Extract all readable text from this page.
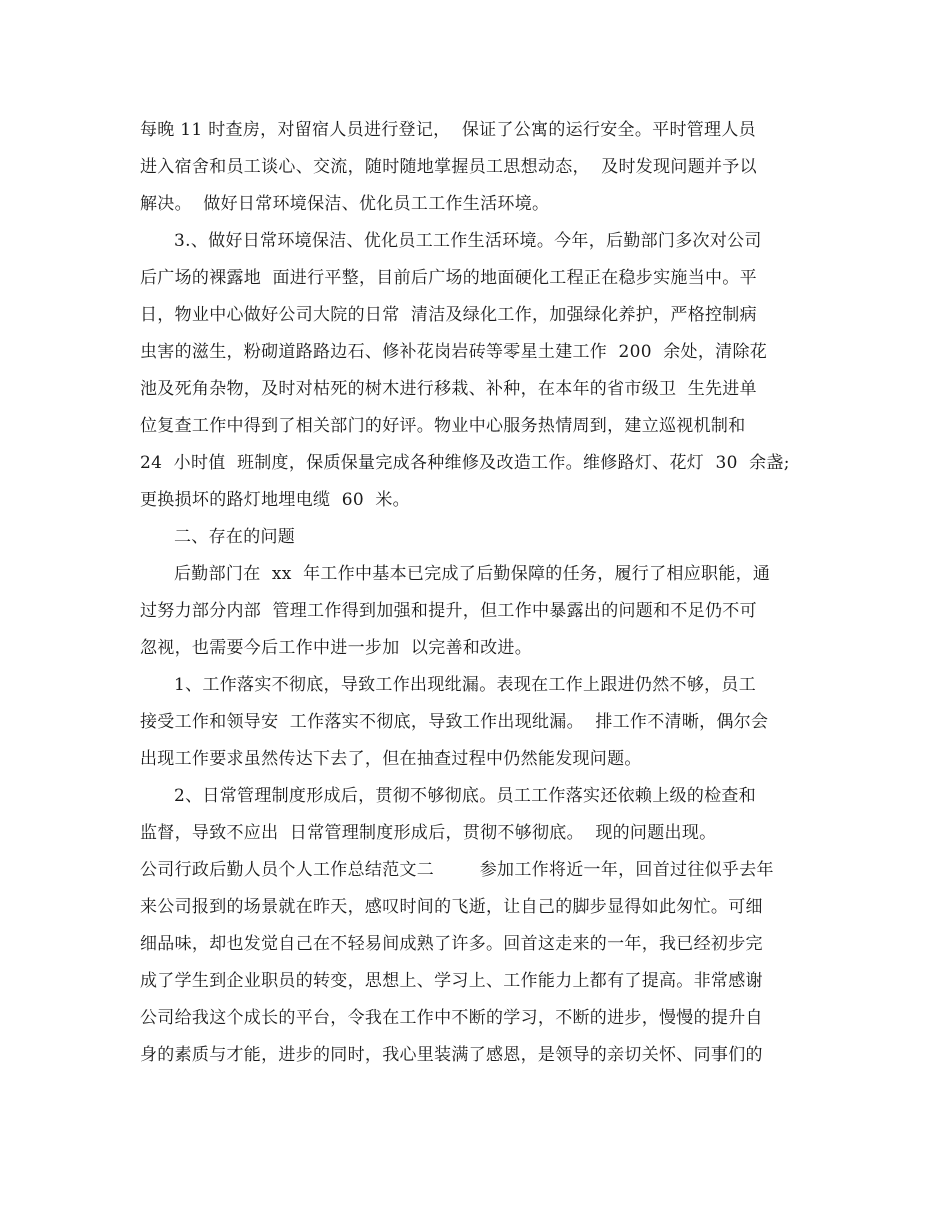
每晚 11 时查房，对留宿人员进行登记，  保证了公寓的运行安全。平时管理人员

进入宿舍和员工谈心、交流，随时随地掌握员工思想动态，  及时发现问题并予以

解决。  做好日常环境保洁、优化员工工作生活环境。

3.、做好日常环境保洁、优化员工工作生活环境。今年，后勤部门多次对公司

后广场的裸露地  面进行平整，目前后广场的地面硬化工程正在稳步实施当中。平

日，物业中心做好公司大院的日常  清洁及绿化工作，加强绿化养护，严格控制病

虫害的滋生，粉砌道路路边石、修补花岗岩砖等零星土建工作  200  余处，清除花

池及死角杂物，及时对枯死的树木进行移栽、补种，在本年的省市级卫  生先进单

位复查工作中得到了相关部门的好评。物业中心服务热情周到，建立巡视机制和

24  小时值  班制度，保质保量完成各种维修及改造工作。维修路灯、花灯  30  余盏;

更换损坏的路灯地埋电缆  60  米。

二、存在的问题

后勤部门在  xx  年工作中基本已完成了后勤保障的任务，履行了相应职能，通

过努力部分内部  管理工作得到加强和提升，但工作中暴露出的问题和不足仍不可

忽视，也需要今后工作中进一步加  以完善和改进。

1、工作落实不彻底，导致工作出现纰漏。表现在工作上跟进仍然不够，员工

接受工作和领导安  工作落实不彻底，导致工作出现纰漏。  排工作不清晰，偶尔会

出现工作要求虽然传达下去了，但在抽查过程中仍然能发现问题。

2、日常管理制度形成后，贯彻不够彻底。员工工作落实还依赖上级的检查和

监督，导致不应出  日常管理制度形成后，贯彻不够彻底。  现的问题出现。

公司行政后勤人员个人工作总结范文二        参加工作将近一年，回首过往似乎去年

来公司报到的场景就在昨天，感叹时间的飞逝，让自己的脚步显得如此匆忙。可细

细品味，却也发觉自己在不轻易间成熟了许多。回首这走来的一年，我已经初步完

成了学生到企业职员的转变，思想上、学习上、工作能力上都有了提高。非常感谢

公司给我这个成长的平台，令我在工作中不断的学习，不断的进步，慢慢的提升自

身的素质与才能，进步的同时，我心里装满了感恩，是领导的亲切关怀、同事们的
